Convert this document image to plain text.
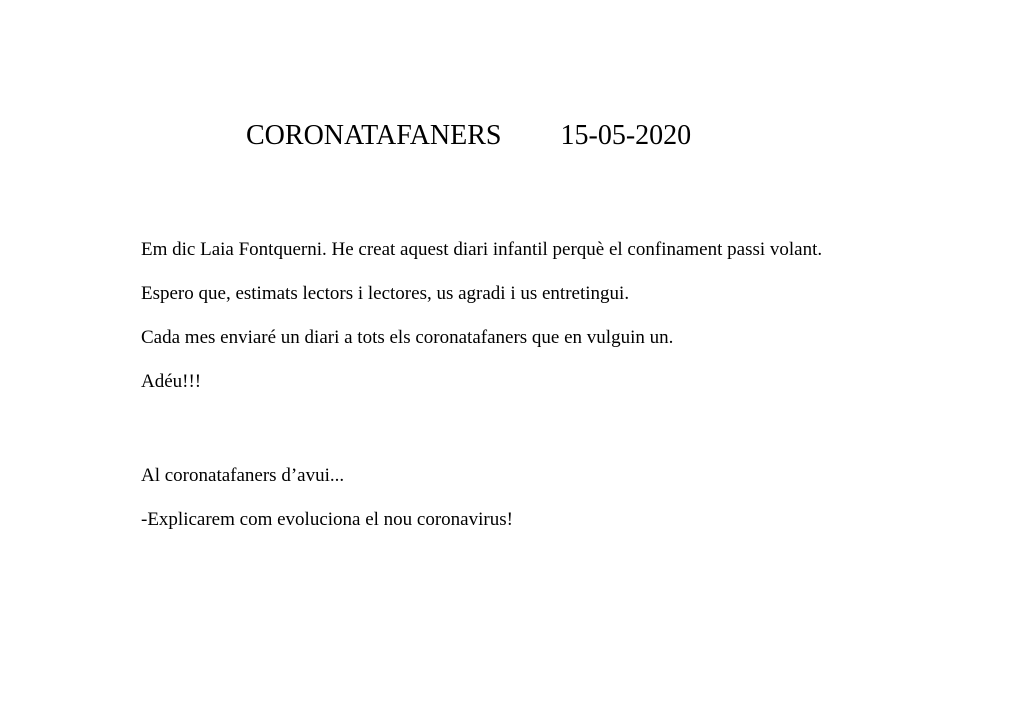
CORONATAFANERS 15-05-2020

Em dic Laia Fontquerni. He creat aquest diari infantil perquè el confinament passi volant.

Espero que, estimats lectors i lectores, us agradi i us entretingui.

Cada mes enviaré un diari a tots els coronatafaners que en vulguin un.

Adéu!!!

Al coronatafaners d’avui...

-Explicarem com evoluciona el nou coronavirus!
